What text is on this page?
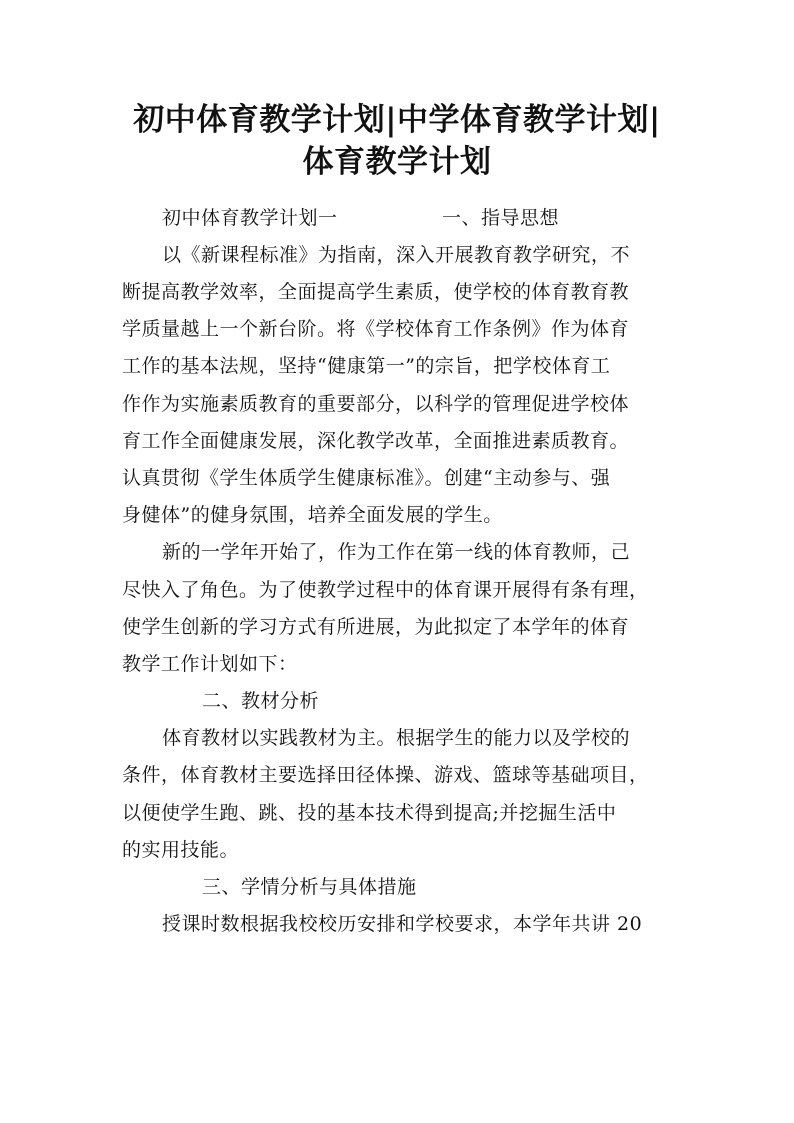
初中体育教学计划|中学体育教学计划|
体育教学计划
初中体育教学计划一	一、指导思想
以《新课程标准》为指南，深入开展教育教学研究，不
断提高教学效率，全面提高学生素质，使学校的体育教育教
学质量越上一个新台阶。将《学校体育工作条例》作为体育
工作的基本法规，坚持“健康第一”的宗旨，把学校体育工
作作为实施素质教育的重要部分，以科学的管理促进学校体
育工作全面健康发展，深化教学改革，全面推进素质教育。
认真贯彻《学生体质学生健康标准》。创建“主动参与、强
身健体”的健身氛围，培养全面发展的学生。
新的一学年开始了，作为工作在第一线的体育教师，己
尽快入了角色。为了使教学过程中的体育课开展得有条有理，
使学生创新的学习方式有所进展，为此拟定了本学年的体育
教学工作计划如下：
二、教材分析
体育教材以实践教材为主。根据学生的能力以及学校的
条件，体育教材主要选择田径体操、游戏、篮球等基础项目，
以便使学生跑、跳、投的基本技术得到提高;并挖掘生活中
的实用技能。
三、学情分析与具体措施
授课时数根据我校校历安排和学校要求，本学年共讲 20
